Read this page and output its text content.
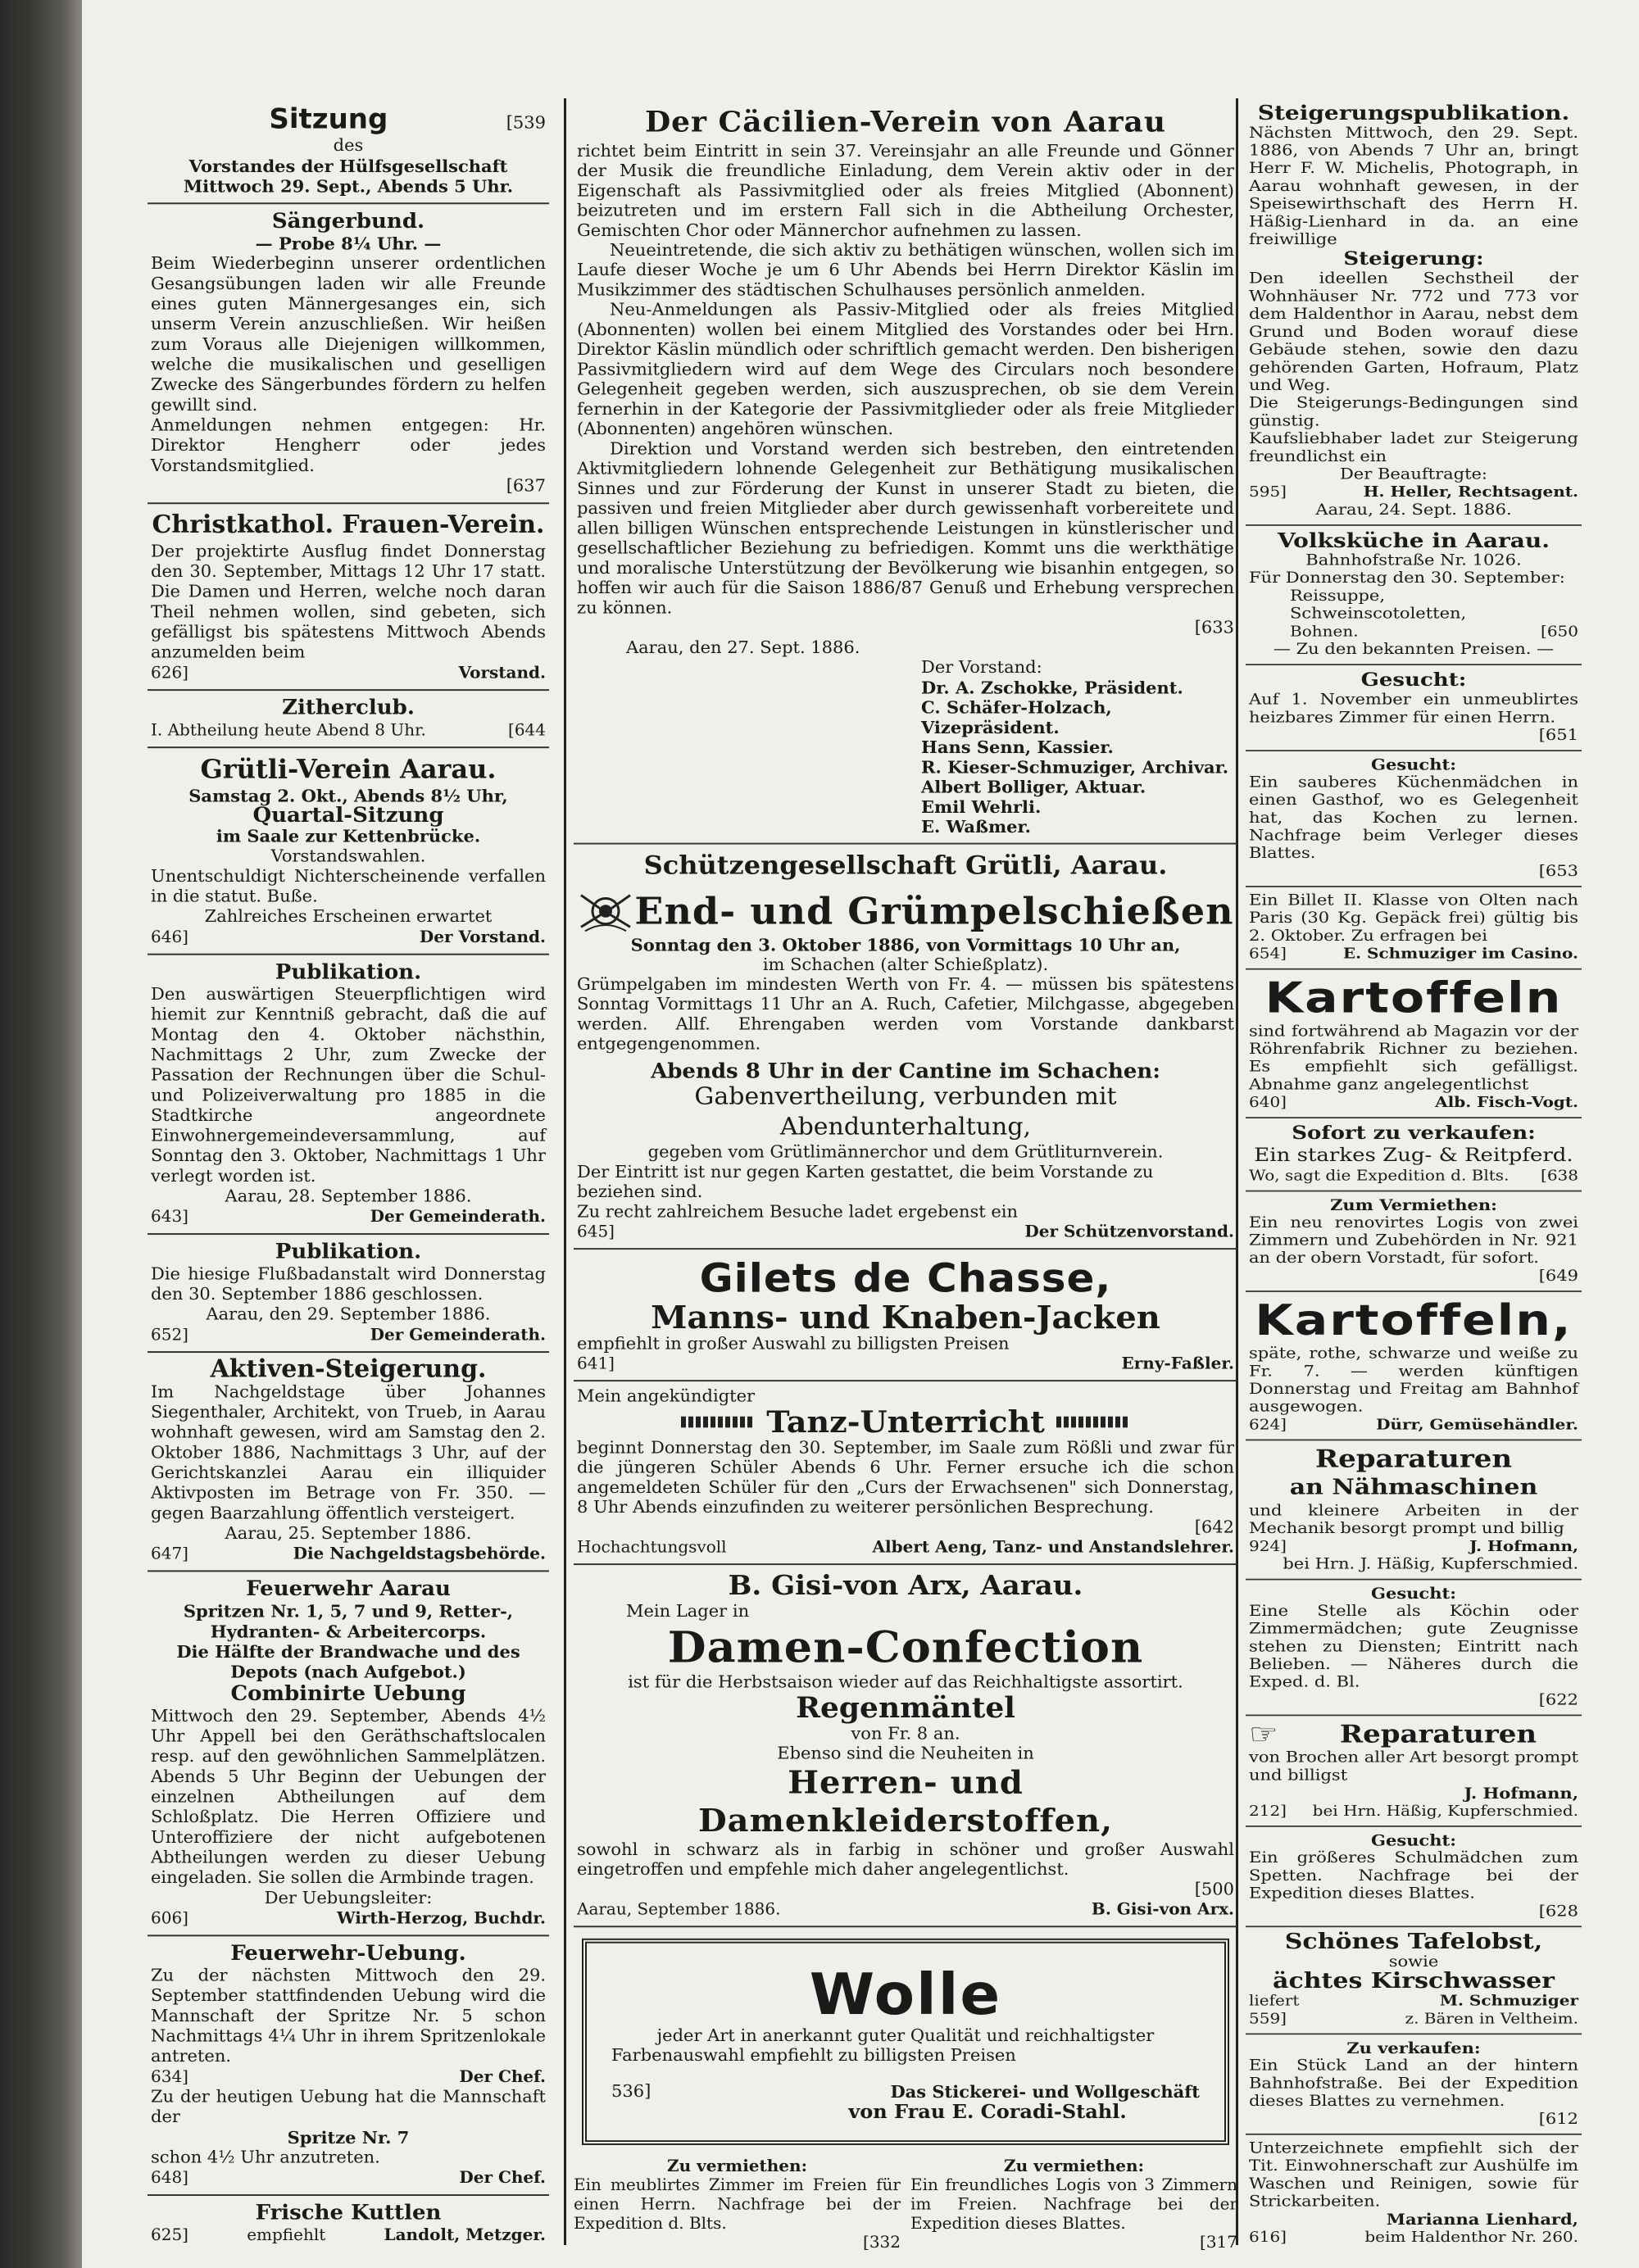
Sitzung	[539
des
Vorstandes der Hülfsgesellschaft
Mittwoch 29. Sept., Abends 5 Uhr.
Sängerbund.
— Probe 8¼ Uhr. —
Beim Wiederbeginn unserer ordentlichen Gesangsübungen laden wir alle Freunde eines guten Männergesanges ein, sich unserm Verein anzuschließen. Wir heißen zum Voraus alle Diejenigen willkommen, welche die musikalischen und geselligen Zwecke des Sängerbundes fördern zu helfen gewillt sind.
Anmeldungen nehmen entgegen: Hr. Direktor Hengherr oder jedes Vorstandsmitglied.
[637
Christkathol. Frauen-Verein.
Der projektirte Ausflug findet Donnerstag den 30. September, Mittags 12 Uhr 17 statt. Die Damen und Herren, welche noch daran Theil nehmen wollen, sind gebeten, sich gefälligst bis spätestens Mittwoch Abends anzumelden beim
626]	Vorstand.
Zitherclub.
I. Abtheilung heute Abend 8 Uhr.	[644
Grütli-Verein Aarau.
Samstag 2. Okt., Abends 8½ Uhr,
Quartal-Sitzung
im Saale zur Kettenbrücke.
Vorstandswahlen.
Unentschuldigt Nichterscheinende verfallen in die statut. Buße.
Zahlreiches Erscheinen erwartet
646]	Der Vorstand.
Publikation.
Den auswärtigen Steuerpflichtigen wird hiemit zur Kenntniß gebracht, daß die auf Montag den 4. Oktober nächsthin, Nachmittags 2 Uhr, zum Zwecke der Passation der Rechnungen über die Schul- und Polizeiverwaltung pro 1885 in die Stadtkirche angeordnete Einwohnergemeindeversammlung, auf Sonntag den 3. Oktober, Nachmittags 1 Uhr verlegt worden ist.
Aarau, 28. September 1886.
643]	Der Gemeinderath.
Publikation.
Die hiesige Flußbadanstalt wird Donnerstag den 30. September 1886 geschlossen.
Aarau, den 29. September 1886.
652]	Der Gemeinderath.
Aktiven-Steigerung.
Im Nachgeldstage über Johannes Siegenthaler, Architekt, von Trueb, in Aarau wohnhaft gewesen, wird am Samstag den 2. Oktober 1886, Nachmittags 3 Uhr, auf der Gerichtskanzlei Aarau ein illiquider Aktivposten im Betrage von Fr. 350. — gegen Baarzahlung öffentlich versteigert.
Aarau, 25. September 1886.
647]	Die Nachgeldstagsbehörde.
Feuerwehr Aarau
Spritzen Nr. 1, 5, 7 und 9, Retter-, Hydranten- & Arbeitercorps.
Die Hälfte der Brandwache und des Depots (nach Aufgebot.)
Combinirte Uebung
Mittwoch den 29. September, Abends 4½ Uhr Appell bei den Geräthschaftslocalen resp. auf den gewöhnlichen Sammelplätzen. Abends 5 Uhr Beginn der Uebungen der einzelnen Abtheilungen auf dem Schloßplatz. Die Herren Offiziere und Unteroffiziere der nicht aufgebotenen Abtheilungen werden zu dieser Uebung eingeladen. Sie sollen die Armbinde tragen.
Der Uebungsleiter:
606]	Wirth-Herzog, Buchdr.
Feuerwehr-Uebung.
Zu der nächsten Mittwoch den 29. September stattfindenden Uebung wird die Mannschaft der Spritze Nr. 5 schon Nachmittags 4¼ Uhr in ihrem Spritzenlokale antreten.
634]	Der Chef.
Zu der heutigen Uebung hat die Mannschaft der
Spritze Nr. 7
schon 4½ Uhr anzutreten.
648]	Der Chef.
Frische Kuttlen
625]	empfiehlt	Landolt, Metzger.
Der Cäcilien-Verein von Aarau
richtet beim Eintritt in sein 37. Vereinsjahr an alle Freunde und Gönner der Musik die freundliche Einladung, dem Verein aktiv oder in der Eigenschaft als Passivmitglied oder als freies Mitglied (Abonnent) beizutreten und im erstern Fall sich in die Abtheilung Orchester, Gemischten Chor oder Männerchor aufnehmen zu lassen.
Neueintretende, die sich aktiv zu bethätigen wünschen, wollen sich im Laufe dieser Woche je um 6 Uhr Abends bei Herrn Direktor Käslin im Musikzimmer des städtischen Schulhauses persönlich anmelden.
Neu-Anmeldungen als Passiv-Mitglied oder als freies Mitglied (Abonnenten) wollen bei einem Mitglied des Vorstandes oder bei Hrn. Direktor Käslin mündlich oder schriftlich gemacht werden. Den bisherigen Passivmitgliedern wird auf dem Wege des Circulars noch besondere Gelegenheit gegeben werden, sich auszusprechen, ob sie dem Verein fernerhin in der Kategorie der Passivmitglieder oder als freie Mitglieder (Abonnenten) angehören wünschen.
Direktion und Vorstand werden sich bestreben, den eintretenden Aktivmitgliedern lohnende Gelegenheit zur Bethätigung musikalischen Sinnes und zur Förderung der Kunst in unserer Stadt zu bieten, die passiven und freien Mitglieder aber durch gewissenhaft vorbereitete und allen billigen Wünschen entsprechende Leistungen in künstlerischer und gesellschaftlicher Beziehung zu befriedigen. Kommt uns die werkthätige und moralische Unterstützung der Bevölkerung wie bisanhin entgegen, so hoffen wir auch für die Saison 1886/87 Genuß und Erhebung versprechen zu können.
[633
Aarau, den 27. Sept. 1886.
Der Vorstand:
Dr. A. Zschokke, Präsident.
C. Schäfer-Holzach, Vizepräsident.
Hans Senn, Kassier.
R. Kieser-Schmuziger, Archivar.
Albert Bolliger, Aktuar.
Emil Wehrli.
E. Waßmer.
Schützengesellschaft Grütli, Aarau.
End- und Grümpelschießen
Sonntag den 3. Oktober 1886, von Vormittags 10 Uhr an,
im Schachen (alter Schießplatz).
Grümpelgaben im mindesten Werth von Fr. 4. — müssen bis spätestens Sonntag Vormittags 11 Uhr an A. Ruch, Cafetier, Milchgasse, abgegeben werden. Allf. Ehrengaben werden vom Vorstande dankbarst entgegengenommen.
Abends 8 Uhr in der Cantine im Schachen:
Gabenvertheilung, verbunden mit Abendunterhaltung,
gegeben vom Grütlimännerchor und dem Grütliturnverein.
Der Eintritt ist nur gegen Karten gestattet, die beim Vorstande zu beziehen sind.
Zu recht zahlreichem Besuche ladet ergebenst ein
645]	Der Schützenvorstand.
Gilets de Chasse,
Manns- und Knaben-Jacken
empfiehlt in großer Auswahl zu billigsten Preisen
641]	Erny-Faßler.
Mein angekündigter
Tanz-Unterricht
beginnt Donnerstag den 30. September, im Saale zum Rößli und zwar für die jüngeren Schüler Abends 6 Uhr. Ferner ersuche ich die schon angemeldeten Schüler für den „Curs der Erwachsenen" sich Donnerstag, 8 Uhr Abends einzufinden zu weiterer persönlichen Besprechung.
[642
Hochachtungsvoll	Albert Aeng, Tanz- und Anstandslehrer.
B. Gisi-von Arx, Aarau.
Mein Lager in
Damen-Confection
ist für die Herbstsaison wieder auf das Reichhaltigste assortirt.
Regenmäntel
von Fr. 8 an.
Ebenso sind die Neuheiten in
Herren- und Damenkleiderstoffen,
sowohl in schwarz als in farbig in schöner und großer Auswahl eingetroffen und empfehle mich daher angelegentlichst.
[500
Aarau, September 1886.	B. Gisi-von Arx.
Wolle
jeder Art in anerkannt guter Qualität und reichhaltigster
Farbenauswahl empfiehlt zu billigsten Preisen
536]	Das Stickerei- und Wollgeschäft
von Frau E. Coradi-Stahl.
Zu vermiethen:
Ein meublirtes Zimmer im Freien für einen Herrn. Nachfrage bei der Expedition d. Blts.
[332
Zu vermiethen:
Ein freundliches Logis von 3 Zimmern im Freien. Nachfrage bei der Expedition dieses Blattes.
[317
Steigerungspublikation.
Nächsten Mittwoch, den 29. Sept. 1886, von Abends 7 Uhr an, bringt Herr F. W. Michelis, Photograph, in Aarau wohnhaft gewesen, in der Speisewirthschaft des Herrn H. Häßig-Lienhard in da. an eine freiwillige
Steigerung:
Den ideellen Sechstheil der Wohnhäuser Nr. 772 und 773 vor dem Haldenthor in Aarau, nebst dem Grund und Boden worauf diese Gebäude stehen, sowie den dazu gehörenden Garten, Hofraum, Platz und Weg.
Die Steigerungs-Bedingungen sind günstig.
Kaufsliebhaber ladet zur Steigerung freundlichst ein
Der Beauftragte:
595]	H. Heller, Rechtsagent.
Aarau, 24. Sept. 1886.
Volksküche in Aarau.
Bahnhofstraße Nr. 1026.
Für Donnerstag den 30. September:
Reissuppe,
Schweinscotoletten,
Bohnen.	[650
— Zu den bekannten Preisen. —
Gesucht:
Auf 1. November ein unmeublirtes heizbares Zimmer für einen Herrn.
[651
Gesucht:
Ein sauberes Küchenmädchen in einen Gasthof, wo es Gelegenheit hat, das Kochen zu lernen. Nachfrage beim Verleger dieses Blattes.
[653
Ein Billet II. Klasse von Olten nach Paris (30 Kg. Gepäck frei) gültig bis 2. Oktober. Zu erfragen bei
654]	E. Schmuziger im Casino.
Kartoffeln
sind fortwährend ab Magazin vor der Röhrenfabrik Richner zu beziehen. Es empfiehlt sich gefälligst. Abnahme ganz angelegentlichst
640]	Alb. Fisch-Vogt.
Sofort zu verkaufen:
Ein starkes Zug- & Reitpferd.
Wo, sagt die Expedition d. Blts. [638
Zum Vermiethen:
Ein neu renovirtes Logis von zwei Zimmern und Zubehörden in Nr. 921 an der obern Vorstadt, für sofort.
[649
Kartoffeln,
späte, rothe, schwarze und weiße zu Fr. 7. — werden künftigen Donnerstag und Freitag am Bahnhof ausgewogen.
624]	Dürr, Gemüsehändler.
Reparaturen
an Nähmaschinen
und kleinere Arbeiten in der Mechanik besorgt prompt und billig
924]	J. Hofmann,
bei Hrn. J. Häßig, Kupferschmied.
Gesucht:
Eine Stelle als Köchin oder Zimmermädchen; gute Zeugnisse stehen zu Diensten; Eintritt nach Belieben. — Näheres durch die Exped. d. Bl.
[622
☞	Reparaturen
von Brochen aller Art besorgt prompt und billigst
J. Hofmann,
212] bei Hrn. Häßig, Kupferschmied.
Gesucht:
Ein größeres Schulmädchen zum Spetten. Nachfrage bei der Expedition dieses Blattes.
[628
Schönes Tafelobst,
sowie
ächtes Kirschwasser
liefert	M. Schmuziger
559]	z. Bären in Veltheim.
Zu verkaufen:
Ein Stück Land an der hintern Bahnhofstraße. Bei der Expedition dieses Blattes zu vernehmen.
[612
Unterzeichnete empfiehlt sich der Tit. Einwohnerschaft zur Aushülfe im Waschen und Reinigen, sowie für Strickarbeiten.
Marianna Lienhard,
616]	beim Haldenthor Nr. 260.
